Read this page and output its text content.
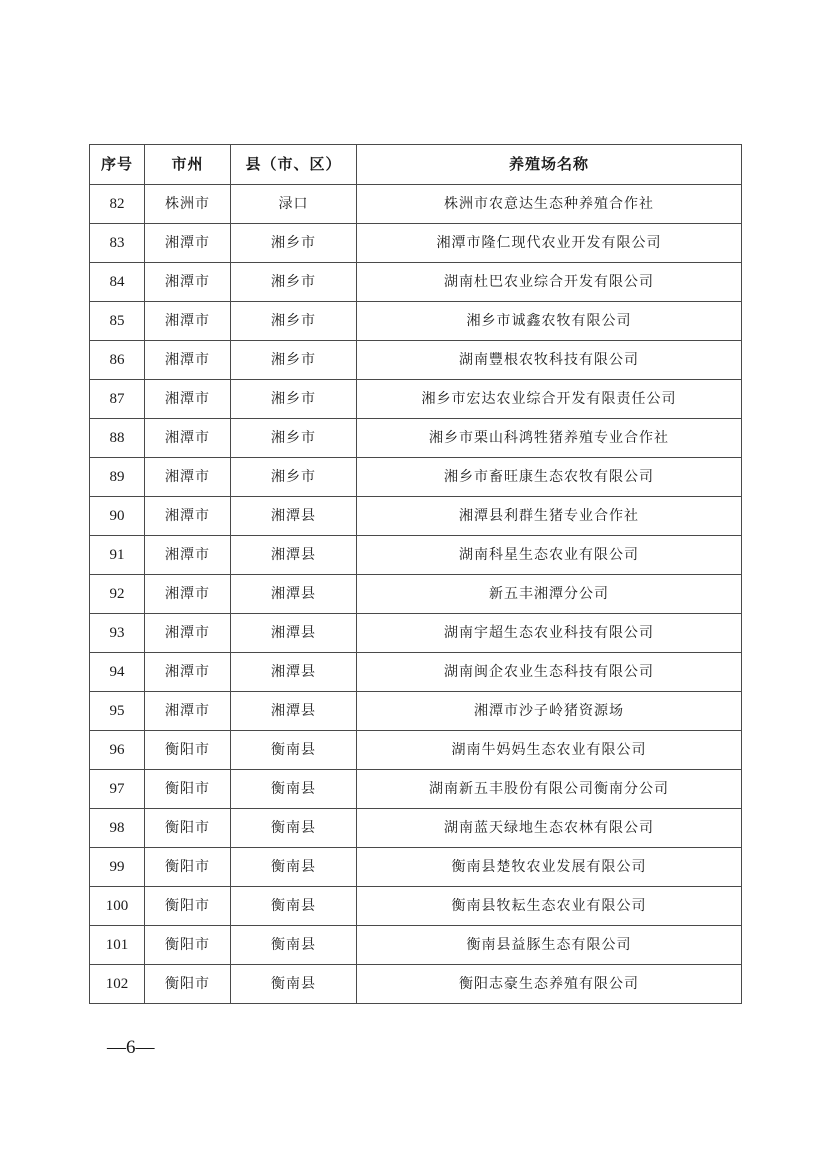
序号	市州	县（市、区）	养殖场名称
82	株洲市	渌口	株洲市农意达生态种养殖合作社
83	湘潭市	湘乡市	湘潭市隆仁现代农业开发有限公司
84	湘潭市	湘乡市	湖南杜巴农业综合开发有限公司
85	湘潭市	湘乡市	湘乡市诚鑫农牧有限公司
86	湘潭市	湘乡市	湖南豐根农牧科技有限公司
87	湘潭市	湘乡市	湘乡市宏达农业综合开发有限责任公司
88	湘潭市	湘乡市	湘乡市栗山科鸿牲猪养殖专业合作社
89	湘潭市	湘乡市	湘乡市畜旺康生态农牧有限公司
90	湘潭市	湘潭县	湘潭县利群生猪专业合作社
91	湘潭市	湘潭县	湖南科星生态农业有限公司
92	湘潭市	湘潭县	新五丰湘潭分公司
93	湘潭市	湘潭县	湖南宇超生态农业科技有限公司
94	湘潭市	湘潭县	湖南闽企农业生态科技有限公司
95	湘潭市	湘潭县	湘潭市沙子岭猪资源场
96	衡阳市	衡南县	湖南牛妈妈生态农业有限公司
97	衡阳市	衡南县	湖南新五丰股份有限公司衡南分公司
98	衡阳市	衡南县	湖南蓝天绿地生态农林有限公司
99	衡阳市	衡南县	衡南县楚牧农业发展有限公司
100	衡阳市	衡南县	衡南县牧耘生态农业有限公司
101	衡阳市	衡南县	衡南县益豚生态有限公司
102	衡阳市	衡南县	衡阳志豪生态养殖有限公司
—6—
